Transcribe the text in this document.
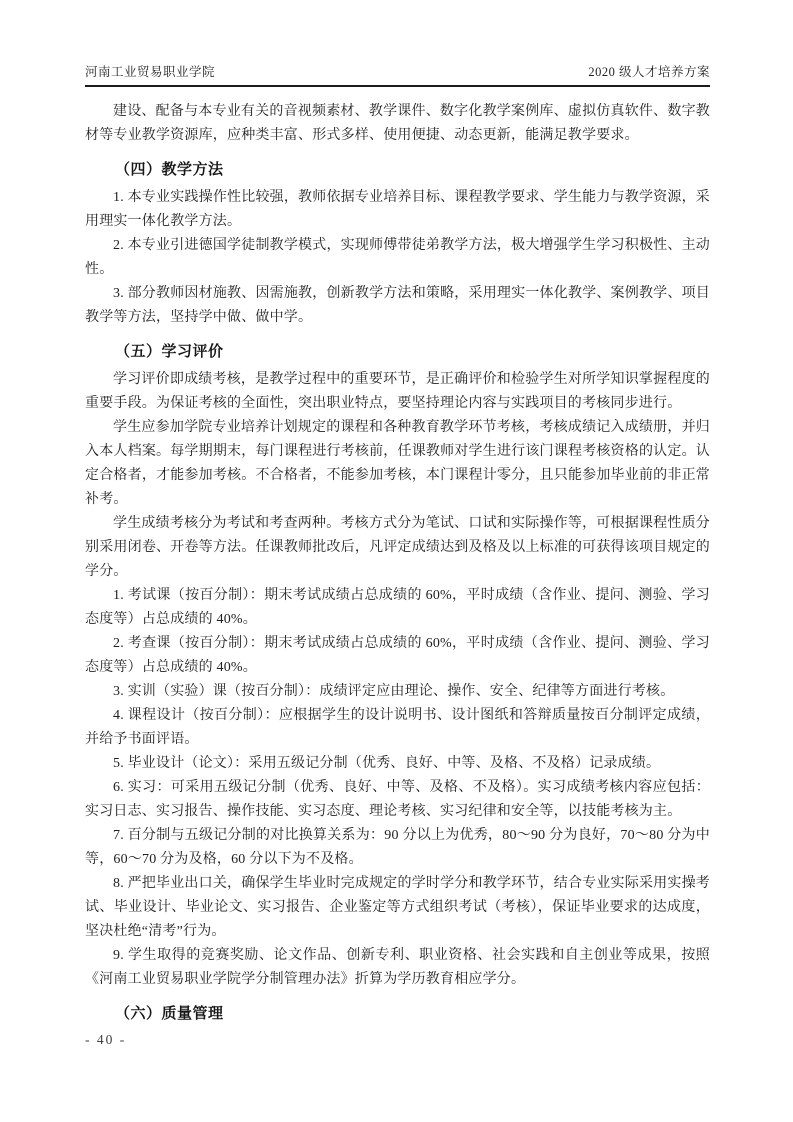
河南工业贸易职业学院	2020 级人才培养方案

建设、配备与本专业有关的音视频素材、教学课件、数字化教学案例库、虚拟仿真软件、数字教材等专业教学资源库，应种类丰富、形式多样、使用便捷、动态更新，能满足教学要求。

（四）教学方法

1. 本专业实践操作性比较强，教师依据专业培养目标、课程教学要求、学生能力与教学资源，采用理实一体化教学方法。

2. 本专业引进德国学徒制教学模式，实现师傅带徒弟教学方法，极大增强学生学习积极性、主动性。

3. 部分教师因材施教、因需施教，创新教学方法和策略，采用理实一体化教学、案例教学、项目教学等方法，坚持学中做、做中学。

（五）学习评价

学习评价即成绩考核，是教学过程中的重要环节，是正确评价和检验学生对所学知识掌握程度的重要手段。为保证考核的全面性，突出职业特点，要坚持理论内容与实践项目的考核同步进行。

学生应参加学院专业培养计划规定的课程和各种教育教学环节考核，考核成绩记入成绩册，并归入本人档案。每学期期末，每门课程进行考核前，任课教师对学生进行该门课程考核资格的认定。认定合格者，才能参加考核。不合格者，不能参加考核，本门课程计零分，且只能参加毕业前的非正常补考。

学生成绩考核分为考试和考查两种。考核方式分为笔试、口试和实际操作等，可根据课程性质分别采用闭卷、开卷等方法。任课教师批改后，凡评定成绩达到及格及以上标准的可获得该项目规定的学分。

1. 考试课（按百分制）：期末考试成绩占总成绩的 60%，平时成绩（含作业、提问、测验、学习态度等）占总成绩的 40%。

2. 考查课（按百分制）：期末考试成绩占总成绩的 60%，平时成绩（含作业、提问、测验、学习态度等）占总成绩的 40%。

3. 实训（实验）课（按百分制）：成绩评定应由理论、操作、安全、纪律等方面进行考核。

4. 课程设计（按百分制）：应根据学生的设计说明书、设计图纸和答辩质量按百分制评定成绩，并给予书面评语。

5. 毕业设计（论文）：采用五级记分制（优秀、良好、中等、及格、不及格）记录成绩。

6. 实习：可采用五级记分制（优秀、良好、中等、及格、不及格）。实习成绩考核内容应包括：实习日志、实习报告、操作技能、实习态度、理论考核、实习纪律和安全等，以技能考核为主。

7. 百分制与五级记分制的对比换算关系为：90 分以上为优秀，80～90 分为良好，70～80 分为中等，60～70 分为及格，60 分以下为不及格。

8. 严把毕业出口关，确保学生毕业时完成规定的学时学分和教学环节，结合专业实际采用实操考试、毕业设计、毕业论文、实习报告、企业鉴定等方式组织考试（考核），保证毕业要求的达成度，坚决杜绝“清考”行为。

9. 学生取得的竞赛奖励、论文作品、创新专利、职业资格、社会实践和自主创业等成果，按照《河南工业贸易职业学院学分制管理办法》折算为学历教育相应学分。

（六）质量管理
- 40 -
